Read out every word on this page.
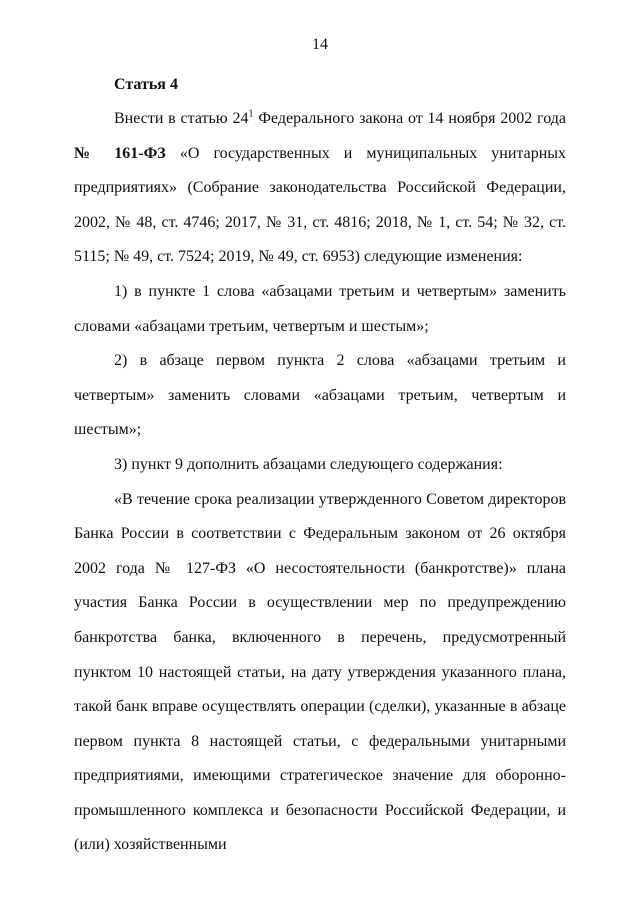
14
Статья 4

Внести в статью $24^1$ Федерального закона от 14 ноября 2002 года № 161-ФЗ «О государственных и муниципальных унитарных предприятиях» (Собрание законодательства Российской Федерации, 2002, № 48, ст. 4746; 2017, № 31, ст. 4816; 2018, № 1, ст. 54; № 32, ст. 5115; № 49, ст. 7524; 2019, № 49, ст. 6953) следующие изменения:

1) в пункте 1 слова «абзацами третьим и четвертым» заменить словами «абзацами третьим, четвертым и шестым»;

2) в абзаце первом пункта 2 слова «абзацами третьим и четвертым» заменить словами «абзацами третьим, четвертым и шестым»;

3) пункт 9 дополнить абзацами следующего содержания:

«В течение срока реализации утвержденного Советом директоров Банка России в соответствии с Федеральным законом от 26 октября 2002 года № 127-ФЗ «О несостоятельности (банкротстве)» плана участия Банка России в осуществлении мер по предупреждению банкротства банка, включенного в перечень, предусмотренный пунктом 10 настоящей статьи, на дату утверждения указанного плана, такой банк вправе осуществлять операции (сделки), указанные в абзаце первом пункта 8 настоящей статьи, с федеральными унитарными предприятиями, имеющими стратегическое значение для оборонно-промышленного комплекса и безопасности Российской Федерации, и (или) хозяйственными
